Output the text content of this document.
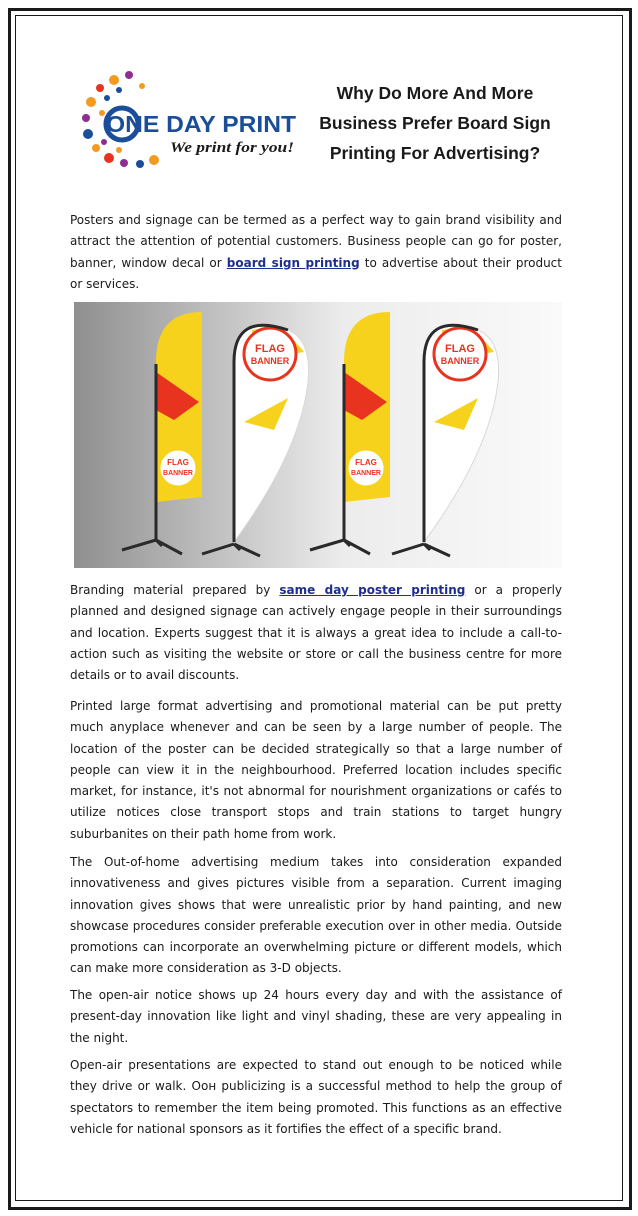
ONE DAY PRINT
We print for you!
Why Do More And More Business Prefer Board Sign Printing For Advertising?

Posters and signage can be termed as a perfect way to gain brand visibility and attract the attention of potential customers. Business people can go for poster, banner, window decal or board sign printing to advertise about their product or services.

FLAG
BANNER
FLAG
BANNER
FLAG
BANNER
FLAG
BANNER

Branding material prepared by same day poster printing or a properly planned and designed signage can actively engage people in their surroundings and location. Experts suggest that it is always a great idea to include a call-to-action such as visiting the website or store or call the business centre for more details or to avail discounts.

Printed large format advertising and promotional material can be put pretty much anyplace whenever and can be seen by a large number of people. The location of the poster can be decided strategically so that a large number of people can view it in the neighbourhood. Preferred location includes specific market, for instance, it's not abnormal for nourishment organizations or cafés to utilize notices close transport stops and train stations to target hungry suburbanites on their path home from work.

The Out-of-home advertising medium takes into consideration expanded innovativeness and gives pictures visible from a separation. Current imaging innovation gives shows that were unrealistic prior by hand painting, and new showcase procedures consider preferable execution over in other media. Outside promotions can incorporate an overwhelming picture or different models, which can make more consideration as 3-D objects.

The open-air notice shows up 24 hours every day and with the assistance of present-day innovation like light and vinyl shading, these are very appealing in the night.

Open-air presentations are expected to stand out enough to be noticed while they drive or walk. Оон publicizing is a successful method to help the group of spectators to remember the item being promoted. This functions as an effective vehicle for national sponsors as it fortifies the effect of a specific brand.
